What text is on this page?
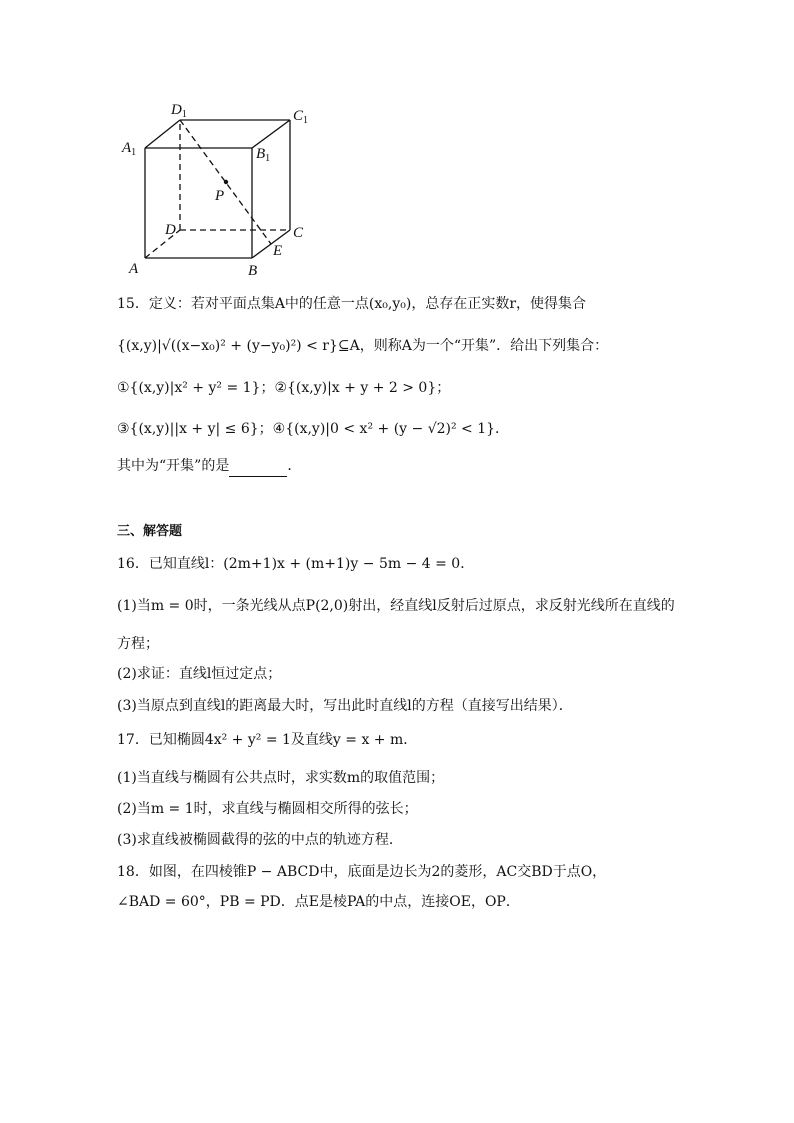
$D_1$	$C_1$
$A_1$	$B_1$
P
D	C
E
A	B
15．定义：若对平面点集A中的任意一点(x₀,y₀)，总存在正实数r，使得集合
{(x,y)|√((x−x₀)² + (y−y₀)²) < r}⊆A，则称A为一个“开集”．给出下列集合：
①{(x,y)|x² + y² = 1}；②{(x,y)|x + y + 2 > 0}；
③{(x,y)||x + y| ≤ 6}；④{(x,y)|0 < x² + (y − √2)² < 1}．
其中为“开集”的是	．
三、解答题
16．已知直线l：(2m+1)x + (m+1)y − 5m − 4 = 0．
(1)当m = 0时，一条光线从点P(2,0)射出，经直线l反射后过原点，求反射光线所在直线的
方程；
(2)求证：直线l恒过定点；
(3)当原点到直线l的距离最大时，写出此时直线l的方程（直接写出结果）．
17．已知椭圆4x² + y² = 1及直线y = x + m．
(1)当直线与椭圆有公共点时，求实数m的取值范围；
(2)当m = 1时，求直线与椭圆相交所得的弦长；
(3)求直线被椭圆截得的弦的中点的轨迹方程．
18．如图，在四棱锥P − ABCD中，底面是边长为2的菱形，AC交BD于点O，
∠BAD = 60°，PB = PD．点E是棱PA的中点，连接OE，OP．
